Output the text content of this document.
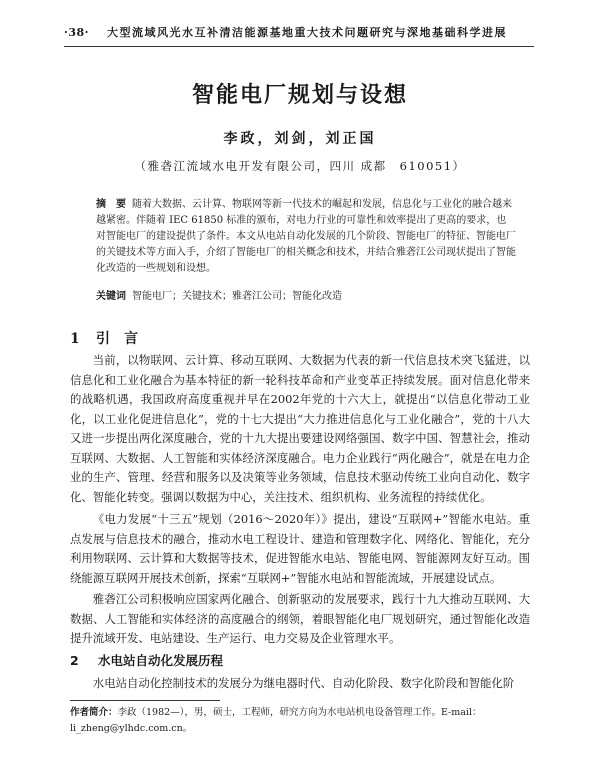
·38· 大型流域风光水互补清洁能源基地重大技术问题研究与深地基础科学进展
智能电厂规划与设想
李政，刘剑，刘正国
（雅砻江流域水电开发有限公司，四川 成都　610051）
摘　要 随着大数据、云计算、物联网等新一代技术的崛起和发展，信息化与工业化的融合越来越紧密。伴随着 IEC 61850 标准的颁布，对电力行业的可靠性和效率提出了更高的要求，也对智能电厂的建设提供了条件。本文从电站自动化发展的几个阶段、智能电厂的特征、智能电厂的关键技术等方面入手，介绍了智能电厂的相关概念和技术，并结合雅砻江公司现状提出了智能化改造的一些规划和设想。
关键词 智能电厂；关键技术；雅砻江公司；智能化改造
1 引　言
当前，以物联网、云计算、移动互联网、大数据为代表的新一代信息技术突飞猛进，以信息化和工业化融合为基本特征的新一轮科技革命和产业变革正持续发展。面对信息化带来的战略机遇，我国政府高度重视并早在2002年党的十六大上，就提出“以信息化带动工业化，以工业化促进信息化”，党的十七大提出“大力推进信息化与工业化融合”，党的十八大又进一步提出两化深度融合，党的十九大提出要建设网络强国、数字中国、智慧社会，推动互联网、大数据、人工智能和实体经济深度融合。电力企业践行“两化融合”，就是在电力企业的生产、管理、经营和服务以及决策等业务领域，信息技术驱动传统工业向自动化、数字化、智能化转变。强调以数据为中心，关注技术、组织机构、业务流程的持续优化。
《电力发展“十三五”规划（2016～2020年）》提出，建设“互联网+”智能水电站。重点发展与信息技术的融合，推动水电工程设计、建造和管理数字化、网络化、智能化，充分利用物联网、云计算和大数据等技术，促进智能水电站、智能电网、智能源网友好互动。围绕能源互联网开展技术创新，探索“互联网+”智能水电站和智能流域，开展建设试点。
雅砻江公司积极响应国家两化融合、创新驱动的发展要求，践行十九大推动互联网、大数据、人工智能和实体经济的高度融合的纲领，着眼智能化电厂规划研究，通过智能化改造提升流域开发、电站建设、生产运行、电力交易及企业管理水平。
2 水电站自动化发展历程
水电站自动化控制技术的发展分为继电器时代、自动化阶段、数字化阶段和智能化阶
作者简介：李政（1982—），男，硕士，工程师，研究方向为水电站机电设备管理工作。E-mail：li_zheng@ylhdc.com.cn。
